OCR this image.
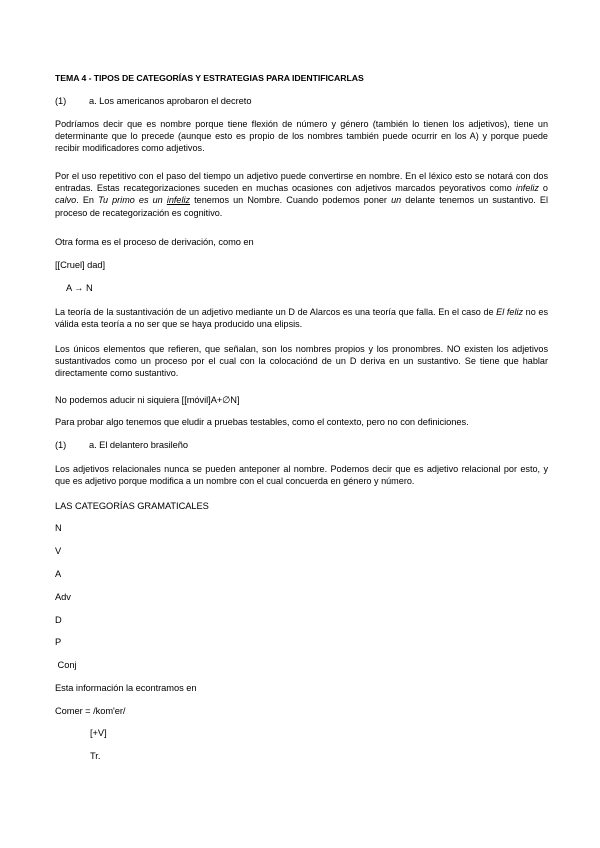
TEMA 4 - TIPOS DE CATEGORÍAS Y ESTRATEGIAS PARA IDENTIFICARLAS
(1) a. Los americanos aprobaron el decreto

Podríamos decir que es nombre porque tiene flexión de número y género (también lo tienen los adjetivos), tiene un determinante que lo precede (aunque esto es propio de los nombres también puede ocurrir en los A) y porque puede recibir modificadores como adjetivos.

Por el uso repetitivo con el paso del tiempo un adjetivo puede convertirse en nombre. En el léxico esto se notará con dos entradas. Estas recategorizaciones suceden en muchas ocasiones con adjetivos marcados peyorativos como infeliz o calvo. En Tu primo es un infeliz tenemos un Nombre. Cuando podemos poner un delante tenemos un sustantivo. El proceso de recategorización es cognitivo.

Otra forma es el proceso de derivación, como en
[[Cruel] dad]
A → N

La teoría de la sustantivación de un adjetivo mediante un D de Alarcos es una teoría que falla. En el caso de El feliz no es válida esta teoría a no ser que se haya producido una elipsis.

Los únicos elementos que refieren, que señalan, son los nombres propios y los pronombres. NO existen los adjetivos sustantivados como un proceso por el cual con la colocaciónd de un D deriva en un sustantivo. Se tiene que hablar directamente como sustantivo.

No podemos aducir ni siquiera [[móvil]A+∅N]
Para probar algo tenemos que eludir a pruebas testables, como el contexto, pero no con definiciones.
(1) a. El delantero brasileño

Los adjetivos relacionales nunca se pueden anteponer al nombre. Podemos decir que es adjetivo relacional por esto, y que es adjetivo porque modifica a un nombre con el cual concuerda en género y número.

LAS CATEGORÍAS GRAMATICALES
N
V
A
Adv
D
P
Conj
Esta información la econtramos en
Comer = /kom'er/
[+V]
Tr.
